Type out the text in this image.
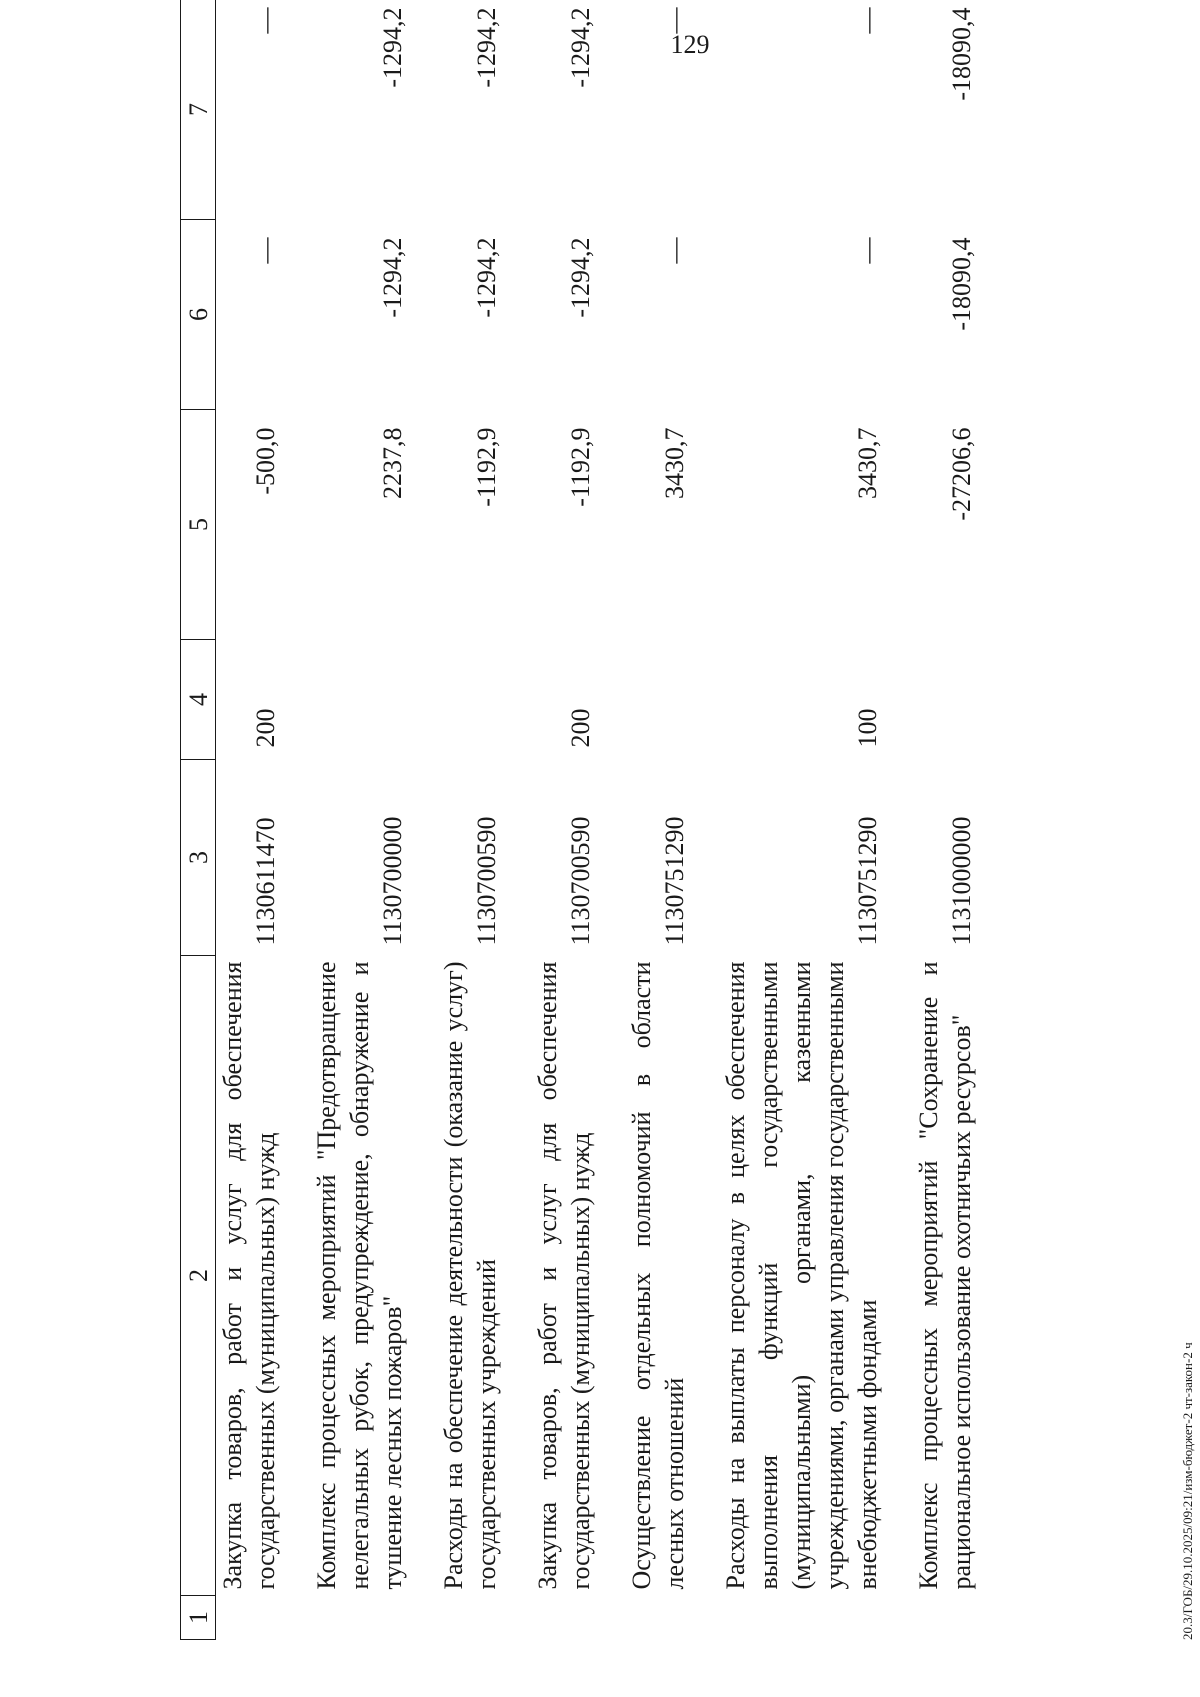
129
1	2	3	4	5	6	7
	Закупка товаров, работ и услуг для обеспечения государственных (муниципальных) нужд	1130611470	200	-500,0	—	—

	Комплекс процессных мероприятий "Предотвращение нелегальных рубок, предупреждение, обнаружение и тушение лесных пожаров"	1130700000		2237,8	-1294,2	-1294,2

	Расходы на обеспечение деятельности (оказание услуг) государственных учреждений	1130700590		-1192,9	-1294,2	-1294,2

	Закупка товаров, работ и услуг для обеспечения государственных (муниципальных) нужд	1130700590	200	-1192,9	-1294,2	-1294,2

	Осуществление отдельных полномочий в области лесных отношений	1130751290		3430,7	—	—

	Расходы на выплаты персоналу в целях обеспечения выполнения функций государственными (муниципальными) органами, казенными учреждениями, органами управления государственными внебюджетными фондами	1130751290	100	3430,7	—	—

	Комплекс процессных мероприятий "Сохранение и рациональное использование охотничьих ресурсов"	1131000000		-27206,6	-18090,4	-18090,4
20.3/ГОБ/29.10.2025/09:21/изм-бюджет-2 чт-закон-2 ч
